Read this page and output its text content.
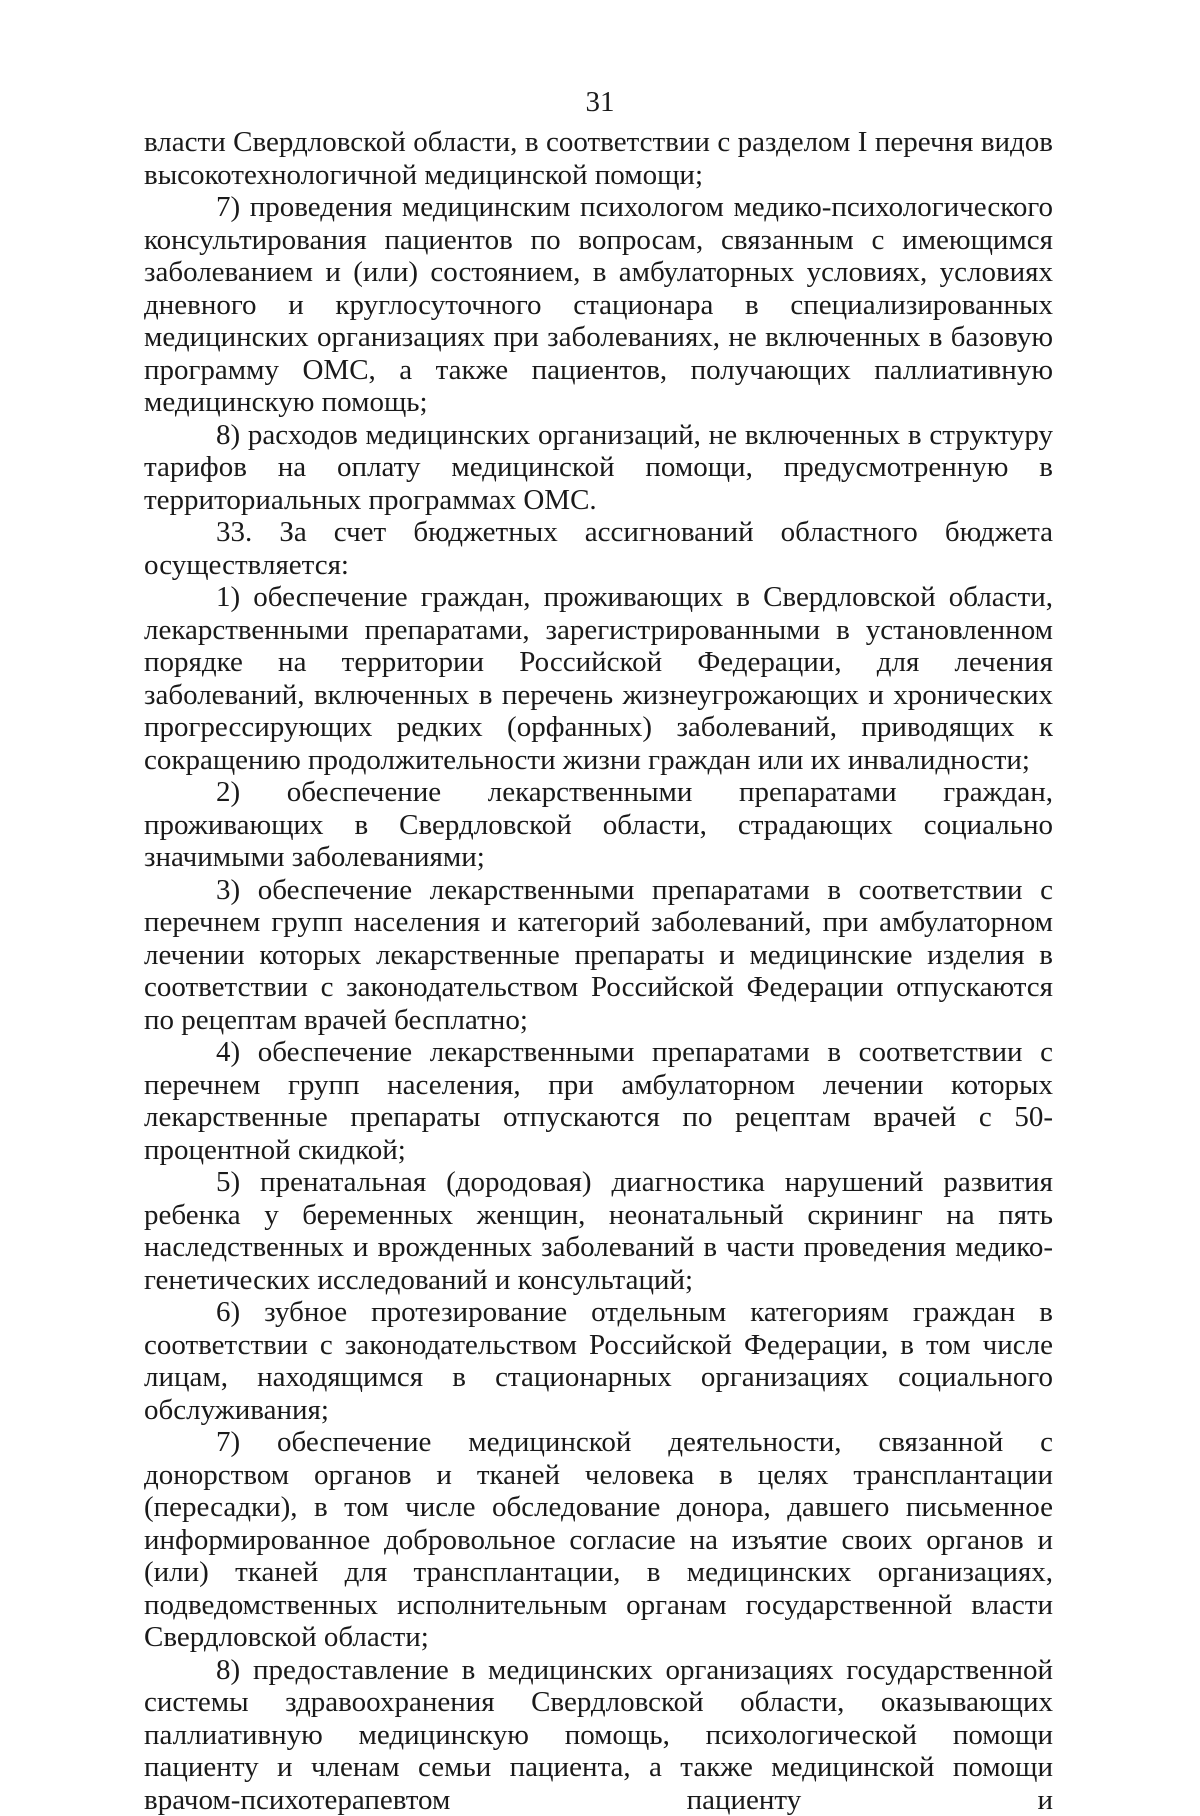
31

власти Свердловской области, в соответствии с разделом I перечня видов высокотехнологичной медицинской помощи;

7) проведения медицинским психологом медико-психологического консультирования пациентов по вопросам, связанным с имеющимся заболеванием и (или) состоянием, в амбулаторных условиях, условиях дневного и круглосуточного стационара в специализированных медицинских организациях при заболеваниях, не включенных в базовую программу ОМС, а также пациентов, получающих паллиативную медицинскую помощь;

8) расходов медицинских организаций, не включенных в структуру тарифов на оплату медицинской помощи, предусмотренную в территориальных программах ОМС.

33. За счет бюджетных ассигнований областного бюджета осуществляется:

1) обеспечение граждан, проживающих в Свердловской области, лекарственными препаратами, зарегистрированными в установленном порядке на территории Российской Федерации, для лечения заболеваний, включенных в перечень жизнеугрожающих и хронических прогрессирующих редких (орфанных) заболеваний, приводящих к сокращению продолжительности жизни граждан или их инвалидности;

2) обеспечение лекарственными препаратами граждан, проживающих в Свердловской области, страдающих социально значимыми заболеваниями;

3) обеспечение лекарственными препаратами в соответствии с перечнем групп населения и категорий заболеваний, при амбулаторном лечении которых лекарственные препараты и медицинские изделия в соответствии с законодательством Российской Федерации отпускаются по рецептам врачей бесплатно;

4) обеспечение лекарственными препаратами в соответствии с перечнем групп населения, при амбулаторном лечении которых лекарственные препараты отпускаются по рецептам врачей с 50-процентной скидкой;

5) пренатальная (дородовая) диагностика нарушений развития ребенка у беременных женщин, неонатальный скрининг на пять наследственных и врожденных заболеваний в части проведения медико-генетических исследований и консультаций;

6) зубное протезирование отдельным категориям граждан в соответствии с законодательством Российской Федерации, в том числе лицам, находящимся в стационарных организациях социального обслуживания;

7) обеспечение медицинской деятельности, связанной с донорством органов и тканей человека в целях трансплантации (пересадки), в том числе обследование донора, давшего письменное информированное добровольное согласие на изъятие своих органов и (или) тканей для трансплантации, в медицинских организациях, подведомственных исполнительным органам государственной власти Свердловской области;

8) предоставление в медицинских организациях государственной системы здравоохранения Свердловской области, оказывающих паллиативную медицинскую помощь, психологической помощи пациенту и членам семьи пациента, а также медицинской помощи врачом-психотерапевтом пациенту и
